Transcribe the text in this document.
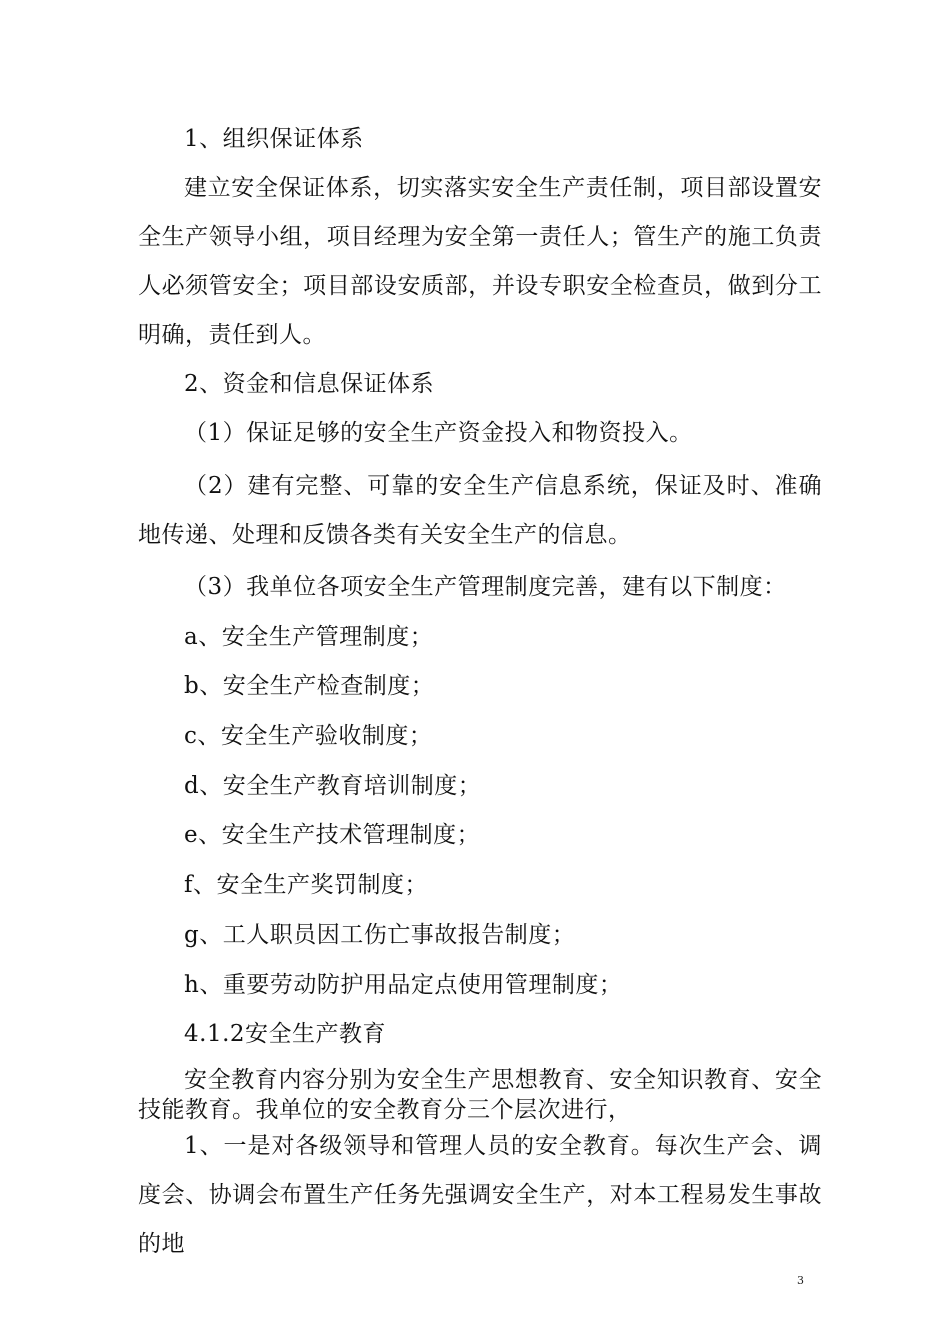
1、组织保证体系

建立安全保证体系，切实落实安全生产责任制，项目部设置安全生产领导小组，项目经理为安全第一责任人；管生产的施工负责人必须管安全；项目部设安质部，并设专职安全检查员，做到分工明确，责任到人。

2、资金和信息保证体系

（1）保证足够的安全生产资金投入和物资投入。

（2）建有完整、可靠的安全生产信息系统，保证及时、准确地传递、处理和反馈各类有关安全生产的信息。

（3）我单位各项安全生产管理制度完善，建有以下制度：

a、安全生产管理制度；

b、安全生产检查制度；

c、安全生产验收制度；

d、安全生产教育培训制度；

e、安全生产技术管理制度；

f、安全生产奖罚制度；

g、工人职员因工伤亡事故报告制度；

h、重要劳动防护用品定点使用管理制度；

4.1.2安全生产教育

安全教育内容分别为安全生产思想教育、安全知识教育、安全技能教育。我单位的安全教育分三个层次进行，

1、一是对各级领导和管理人员的安全教育。每次生产会、调度会、协调会布置生产任务先强调安全生产，对本工程易发生事故的地

3
